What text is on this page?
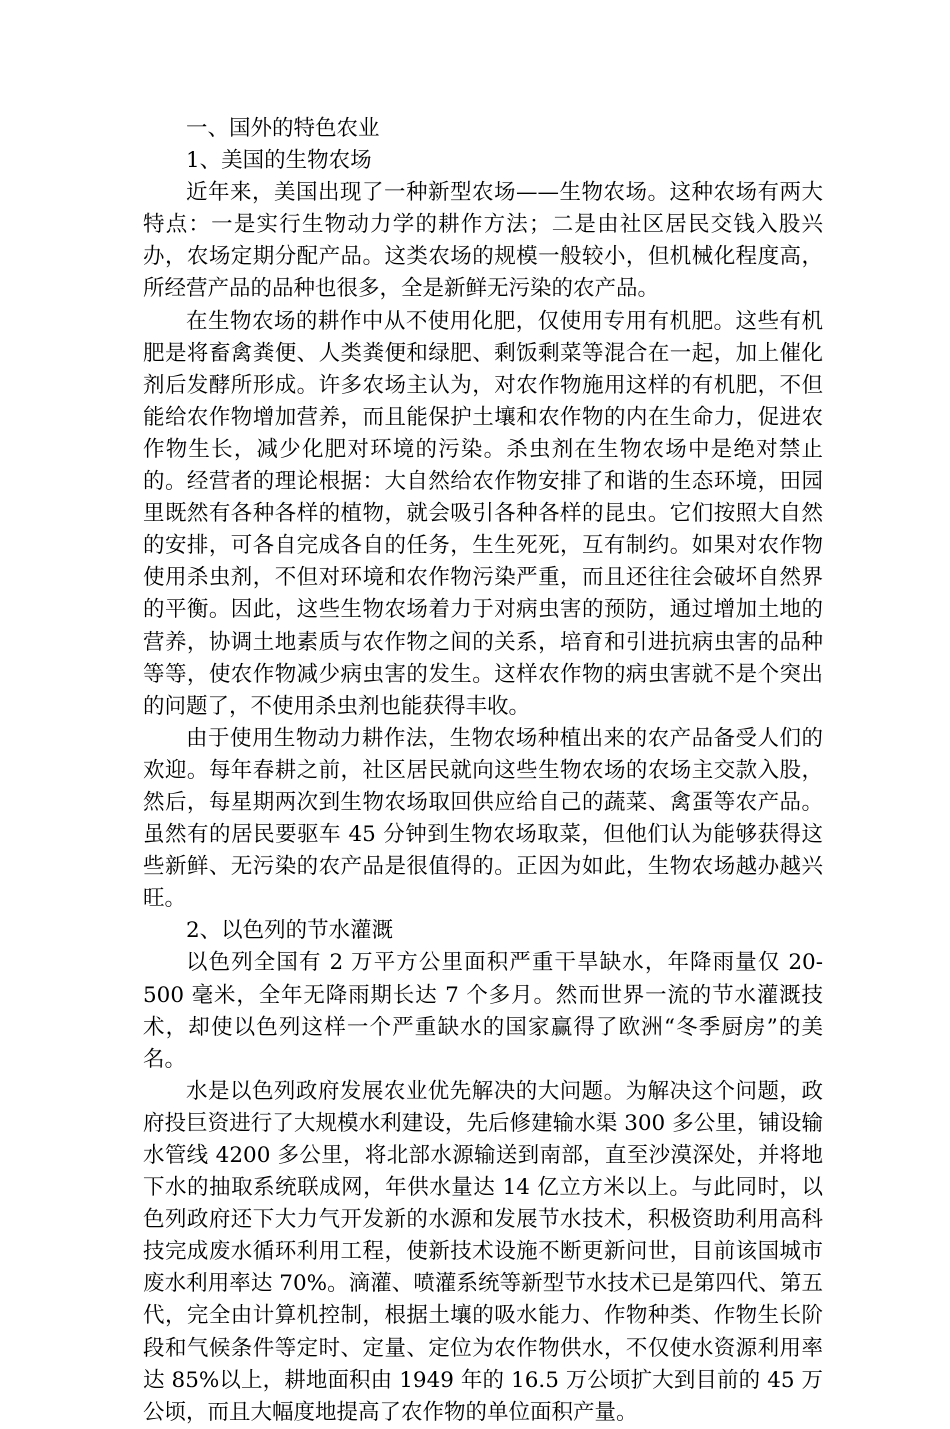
一、国外的特色农业

1、美国的生物农场

近年来，美国出现了一种新型农场——生物农场。这种农场有两大特点：一是实行生物动力学的耕作方法；二是由社区居民交钱入股兴办，农场定期分配产品。这类农场的规模一般较小，但机械化程度高，所经营产品的品种也很多，全是新鲜无污染的农产品。

在生物农场的耕作中从不使用化肥，仅使用专用有机肥。这些有机肥是将畜禽粪便、人类粪便和绿肥、剩饭剩菜等混合在一起，加上催化剂后发酵所形成。许多农场主认为，对农作物施用这样的有机肥，不但能给农作物增加营养，而且能保护土壤和农作物的内在生命力，促进农作物生长，减少化肥对环境的污染。杀虫剂在生物农场中是绝对禁止的。经营者的理论根据：大自然给农作物安排了和谐的生态环境，田园里既然有各种各样的植物，就会吸引各种各样的昆虫。它们按照大自然的安排，可各自完成各自的任务，生生死死，互有制约。如果对农作物使用杀虫剂，不但对环境和农作物污染严重，而且还往往会破坏自然界的平衡。因此，这些生物农场着力于对病虫害的预防，通过增加土地的营养，协调土地素质与农作物之间的关系，培育和引进抗病虫害的品种等等，使农作物减少病虫害的发生。这样农作物的病虫害就不是个突出的问题了，不使用杀虫剂也能获得丰收。

由于使用生物动力耕作法，生物农场种植出来的农产品备受人们的欢迎。每年春耕之前，社区居民就向这些生物农场的农场主交款入股，然后，每星期两次到生物农场取回供应给自己的蔬菜、禽蛋等农产品。虽然有的居民要驱车 45 分钟到生物农场取菜，但他们认为能够获得这些新鲜、无污染的农产品是很值得的。正因为如此，生物农场越办越兴旺。

2、以色列的节水灌溉

以色列全国有 2 万平方公里面积严重干旱缺水，年降雨量仅 20-500 毫米，全年无降雨期长达 7 个多月。然而世界一流的节水灌溉技术，却使以色列这样一个严重缺水的国家赢得了欧洲“冬季厨房”的美名。

水是以色列政府发展农业优先解决的大问题。为解决这个问题，政府投巨资进行了大规模水利建设，先后修建输水渠 300 多公里，铺设输水管线 4200 多公里，将北部水源输送到南部，直至沙漠深处，并将地下水的抽取系统联成网，年供水量达 14 亿立方米以上。与此同时，以色列政府还下大力气开发新的水源和发展节水技术，积极资助利用高科技完成废水循环利用工程，使新技术设施不断更新问世，目前该国城市废水利用率达 70%。滴灌、喷灌系统等新型节水技术已是第四代、第五代，完全由计算机控制，根据土壤的吸水能力、作物种类、作物生长阶段和气候条件等定时、定量、定位为农作物供水，不仅使水资源利用率达 85%以上，耕地面积由 1949 年的 16.5 万公顷扩大到目前的 45 万公顷，而且大幅度地提高了农作物的单位面积产量。
